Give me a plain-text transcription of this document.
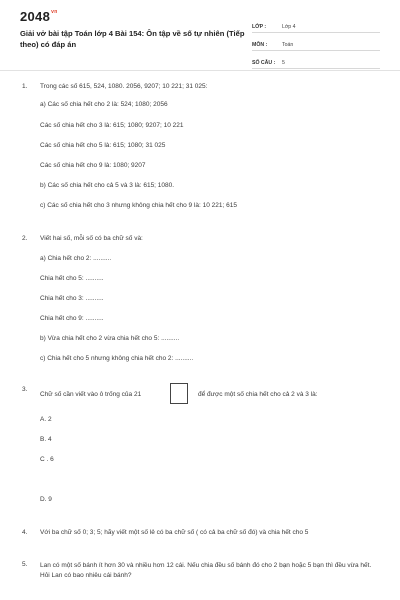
$2048^{vn}$
Giải vở bài tập Toán lớp 4 Bài 154: Ôn tập về số tự nhiên (Tiếp theo) có đáp án
LỚP :	Lớp 4
MÔN :	Toán
SỐ CÂU :	5
1. Trong các số 615, 524, 1080. 2056, 9207; 10 221; 31 025:
a) Các số chia hết cho 2 là: 524; 1080; 2056
Các số chia hết cho 3 là: 615; 1080; 9207; 10 221
Các số chia hết cho 5 là: 615; 1080; 31 025
Các số chia hết cho 9 là: 1080; 9207
b) Các số chia hết cho cả 5 và 3 là: 615; 1080.
c) Các số chia hết cho 3 nhưng không chia hết cho 9 là: 10 221; 615
2. Viết hai số, mỗi số có ba chữ số và:
a) Chia hết cho 2: ..........
Chia hết cho 5: ..........
Chia hết cho 3: ..........
Chia hết cho 9: ..........
b) Vừa chia hết cho 2 vừa chia hết cho 5: ..........
c) Chia hết cho 5 nhưng không chia hết cho 2: ..........
3.
Chữ số cần viết vào ô trống của 21	để được một số chia hết cho cả 2 và 3 là:
A. 2
B. 4
C . 6
D. 9
4. Với ba chữ số 0; 3; 5; hãy viết một số lẻ có ba chữ số ( có cả ba chữ số đó) và chia hết cho 5
5. Lan có một số bánh ít hơn 30 và nhiều hơn 12 cái. Nếu chia đều số bánh đó cho 2 bạn hoặc 5 bạn thì đều vừa hết. Hỏi Lan có bao nhiêu cái bánh?
